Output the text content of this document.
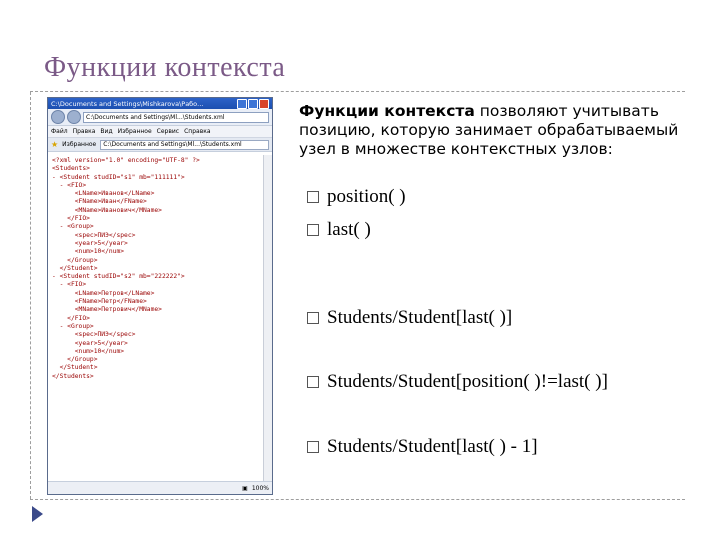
Функции контекста
C:\Documents and Settings\Mishkarova\Рабо...
C:\Documents and Settings\Ml...\Students.xml
Файл Правка Вид Избранное Сервис Справка
★ Избранное	C:\Documents and Settings\Ml...\Students.xml
<?xml version="1.0" encoding="UTF-8" ?>
<Students>
- <Student studID="s1" mb="111111">
- <FIO>
<LName>Иванов</LName>
<FName>Иван</FName>
<MName>Иванович</MName>
</FIO>
- <Group>
<spec>ПИЭ</spec>
<year>5</year>
<num>10</num>
</Group>
</Student>
- <Student studID="s2" mb="222222">
- <FIO>
<LName>Петров</LName>
<FName>Петр</FName>
<MName>Петрович</MName>
</FIO>
- <Group>
<spec>ПИЭ</spec>
<year>5</year>
<num>10</num>
</Group>
</Student>
</Students>
▣ 100%
Функции контекста позволяют учитывать позицию, которую занимает обрабатываемый узел в множестве контекстных узлов:
position( )
last( )
Students/Student[last( )]
Students/Student[position( )!=last( )]
Students/Student[last( ) - 1]
